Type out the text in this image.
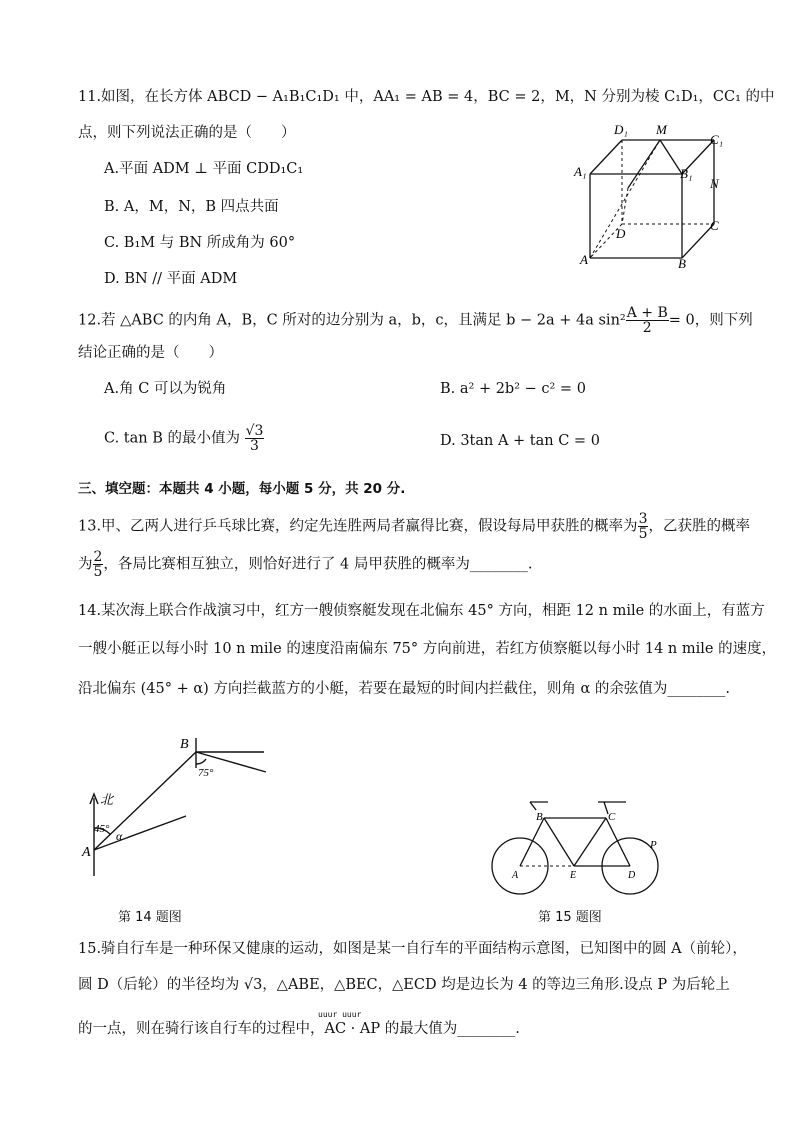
11.如图，在长方体 ABCD − A₁B₁C₁D₁ 中，AA₁ = AB = 4，BC = 2，M，N 分别为棱 C₁D₁，CC₁ 的中
点，则下列说法正确的是（　　）
A.平面 ADM ⊥ 平面 CDD₁C₁
B. A，M，N，B 四点共面
C. B₁M 与 BN 所成角为 60°
D. BN // 平面 ADM
D₁ M
C₁
A₁	B₁
N
D
C
A	B
12.若 △ABC 的内角 A，B，C 所对的边分别为 a，b，c，且满足 b − 2a + 4a $\sin^2 \frac{A + B}{2} = 0$，则下列
结论正确的是（　　）
A.角 C 可以为锐角	B. a² + 2b² − c² = 0
C. tan B 的最小值为 $\frac{√3}{3}$	D. 3tan A + tan C = 0
三、填空题：本题共 4 小题，每小题 5 分，共 20 分.
13.甲、乙两人进行乒乓球比赛，约定先连胜两局者赢得比赛，假设每局甲获胜的概率为 $\frac{3}{5}$ ，乙获胜的概率
为 $\frac{2}{5}$ ，各局比赛相互独立，则恰好进行了 4 局甲获胜的概率为________.
14.某次海上联合作战演习中，红方一艘侦察艇发现在北偏东 45° 方向，相距 12 n mile 的水面上，有蓝方
一艘小艇正以每小时 10 n mile 的速度沿南偏东 75° 方向前进，若红方侦察艇以每小时 14 n mile 的速度，
沿北偏东 (45° + α) 方向拦截蓝方的小艇，若要在最短的时间内拦截住，则角 α 的余弦值为________.
B
75°
北
45° α
A
B	C
P
A	E	D
第 14 题图	第 15 题图
15.骑自行车是一种环保又健康的运动，如图是某一自行车的平面结构示意图，已知图中的圆 A（前轮），
圆 D（后轮）的半径均为 √3，△ABE，△BEC，△ECD 均是边长为 4 的等边三角形.设点 P 为后轮上
uuur uuur
的一点，则在骑行该自行车的过程中，AC · AP 的最大值为________.
